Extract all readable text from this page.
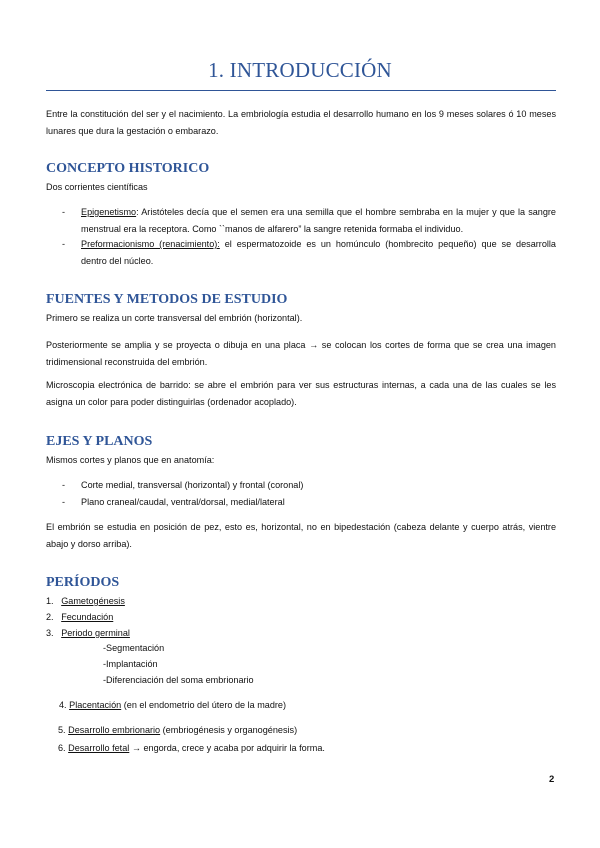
1. INTRODUCCIÓN

Entre la constitución del ser y el nacimiento. La embriología estudia el desarrollo humano en los 9 meses solares ó 10 meses lunares que dura la gestación o embarazo.

CONCEPTO HISTORICO

Dos corrientes científicas

- Epigenetismo: Aristóteles decía que el semen era una semilla que el hombre sembraba en la mujer y que la sangre menstrual era la receptora. Como ``manos de alfarero” la sangre retenida formaba el individuo.
- Preformacionismo (renacimiento): el espermatozoide es un homúnculo (hombrecito pequeño) que se desarrolla dentro del núcleo.
FUENTES Y METODOS DE ESTUDIO

Primero se realiza un corte transversal del embrión (horizontal).

Posteriormente se amplia y se proyecta o dibuja en una placa → se colocan los cortes de forma que se crea una imagen tridimensional reconstruida del embrión.

Microscopia electrónica de barrido: se abre el embrión para ver sus estructuras internas, a cada una de las cuales se les asigna un color para poder distinguirlas (ordenador acoplado).

EJES Y PLANOS

Mismos cortes y planos que en anatomía:

- Corte medial, transversal (horizontal) y frontal (coronal)
- Plano craneal/caudal, ventral/dorsal, medial/lateral

El embrión se estudia en posición de pez, esto es, horizontal, no en bipedestación (cabeza delante y cuerpo atrás, vientre abajo y dorso arriba).

PERÍODOS
1. Gametogénesis
2. Fecundación
3. Periodo germinal
-Segmentación
-Implantación
-Diferenciación del soma embrionario
4. Placentación (en el endometrio del útero de la madre)
5. Desarrollo embrionario (embriogénesis y organogénesis)
6. Desarrollo fetal → engorda, crece y acaba por adquirir la forma.
2
